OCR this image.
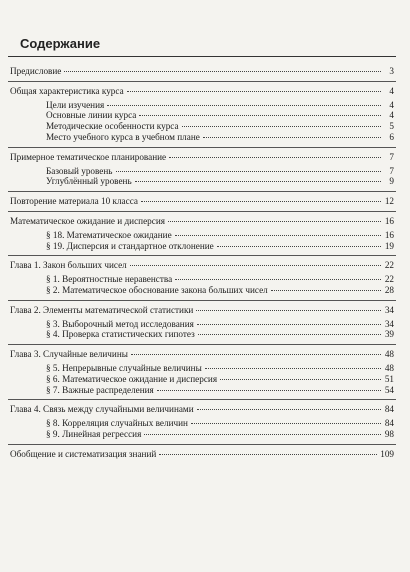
Содержание
Предисловие	3
Общая характеристика курса	4
Цели изучения	4
Основные линии курса	4
Методические особенности курса	5
Место учебного курса в учебном плане	6
Примерное тематическое планирование	7
Базовый уровень	7
Углублённый уровень	9
Повторение материала 10 класса	12
Математическое ожидание и дисперсия	16
§ 18. Математическое ожидание	16
§ 19. Дисперсия и стандартное отклонение	19
Глава 1. Закон больших чисел	22
§ 1. Вероятностные неравенства	22
§ 2. Математическое обоснование закона больших чисел	28
Глава 2. Элементы математической статистики	34
§ 3. Выборочный метод исследования	34
§ 4. Проверка статистических гипотез	39
Глава 3. Случайные величины	48
§ 5. Непрерывные случайные величины	48
§ 6. Математическое ожидание и дисперсия	51
§ 7. Важные распределения	54
Глава 4. Связь между случайными величинами	84
§ 8. Корреляция случайных величин	84
§ 9. Линейная регрессия	98
Обобщение и систематизация знаний	109
